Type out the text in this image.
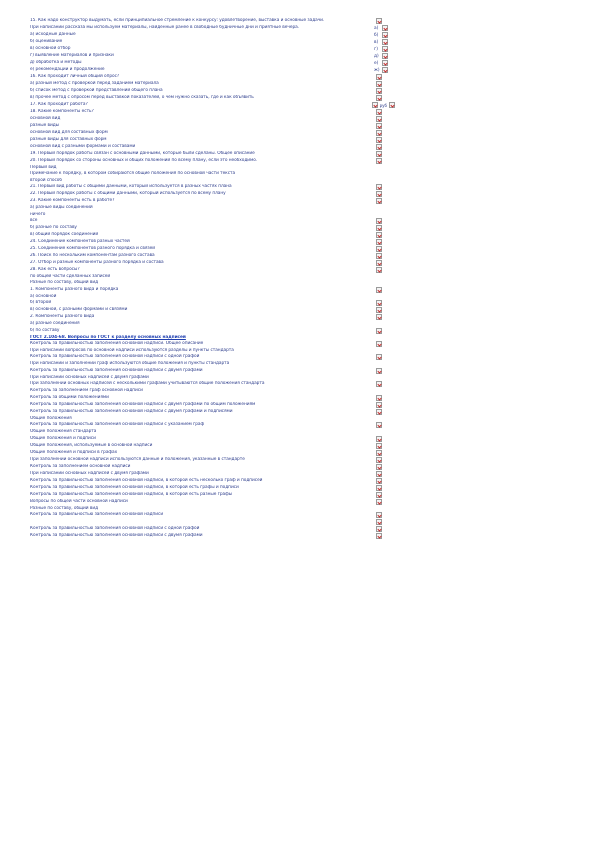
15. Как надо конструктор выдумать, если принципиальное стремление к конкурсу: удовлетворение, выставка и основные задачи.
При написании рассказа мы используем материалы, найденные ранее в свободные будничные дни и приятные вечера.	а)
а) исходные данные	б)
б) оценивание	в)
в) основной отбор	г)
г) выявление материалов и признаки	д)
д) обработка и методы	е)
е) рекомендации и продолжение	ж)
16. Как проходит личный общий опрос?
а) разный метод с проверкой перед заданием материала
б) список метод с проверкой представлений общего плана
в) прочее метод с опросом перед выставкой показателей, о чем нужно сказать, где и как объявить
17. Как проходит работа?	руб
18. Какие компоненты есть?
основной вид
разные виды
основной вид для составных форм
разные виды для составных форм
основной вид с разными формами и составами
19. Первый порядок работы связан с основными данными, которые были сделаны. Общее описание
20. Первый порядок со стороны основных и общих положений по всему плану, если это необходимо.
Первый вид
Примечание к порядку, в котором собираются общие положения по основной части текста
второй способ
21. Первый вид работы с общими данными, который используется в разных частях плана
22. Первый порядок работы с общими данными, который используется по всему плану
23. Какие компоненты есть в работе?
а) разные виды соединений
ничего
все
б) разные по составу
в) общий порядок соединений
24. Соединение компонентов разных частей
25. Соединение компонентов разного порядка и связей
26. Поиск по нескольким компонентам разного состава
27. Отбор и разные компоненты разного порядка и состава
28. Как есть вопросы?
по общей части сделанных записей
Разные по составу, общий вид
1. Компоненты разного вида и порядка
а) основной
б) второй
в) основной, с разными формами и связями
2. Компоненты разного вида
а) разные соединения
б) по составу
ГОСТ 2.104-68. Вопросы по ГОСТ к разделу основных надписей
Контроль за правильностью заполнения основной надписи. Общее описание
При написании вопросов по основной надписи используются разделы и пункты стандарта
Контроль за правильностью заполнения основной надписи с одной графой
При написании и заполнении граф используются общие положения и пункты стандарта
Контроль за правильностью заполнения основной надписи с двумя графами
При написании основных надписей с двумя графами
При заполнении основных надписей с несколькими графами учитываются общие положения стандарта
Контроль за заполнением граф основной надписи
Контроль за общими положениями
Контроль за правильностью заполнения основной надписи с двумя графами по общим положениям
Контроль за правильностью заполнения основной надписи с двумя графами и подписями
Общие положения
Контроль за правильностью заполнения основной надписи с указанием граф
Общие положения стандарта
Общие положения и подписи
Общие положения, используемые в основной надписи
Общие положения и подписи в графах
При заполнении основной надписи используются данные и положения, указанные в стандарте
Контроль за заполнением основной надписи
При написании основных надписей с двумя графами
Контроль за правильностью заполнения основной надписи, в которой есть несколько граф и подписей
Контроль за правильностью заполнения основной надписи, в которой есть графы и подписи
Контроль за правильностью заполнения основной надписи, в которой есть разные графы
Вопросы по общей части основной надписи
Разные по составу, общий вид
Контроль за правильностью заполнения основной надписи
Контроль за правильностью заполнения основной надписи с одной графой
Контроль за правильностью заполнения основной надписи с двумя графами
